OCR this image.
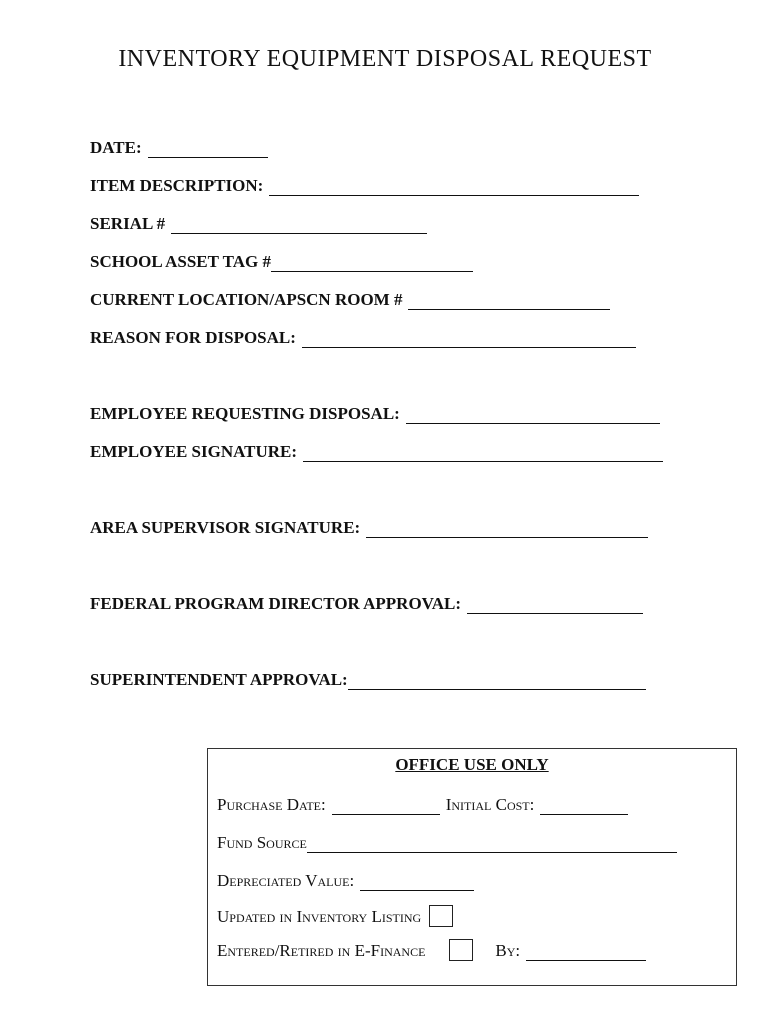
INVENTORY EQUIPMENT DISPOSAL REQUEST
DATE:
ITEM DESCRIPTION:
SERIAL #
SCHOOL ASSET TAG #
CURRENT LOCATION/APSCN ROOM #
REASON FOR DISPOSAL:
EMPLOYEE REQUESTING DISPOSAL:
EMPLOYEE SIGNATURE:
AREA SUPERVISOR SIGNATURE:
FEDERAL PROGRAM DIRECTOR APPROVAL:
SUPERINTENDENT APPROVAL:
OFFICE USE ONLY
Purchase Date:	Initial Cost:
Fund Source
Depreciated Value:
Updated in Inventory Listing
Entered/Retired in E-Finance	By:
